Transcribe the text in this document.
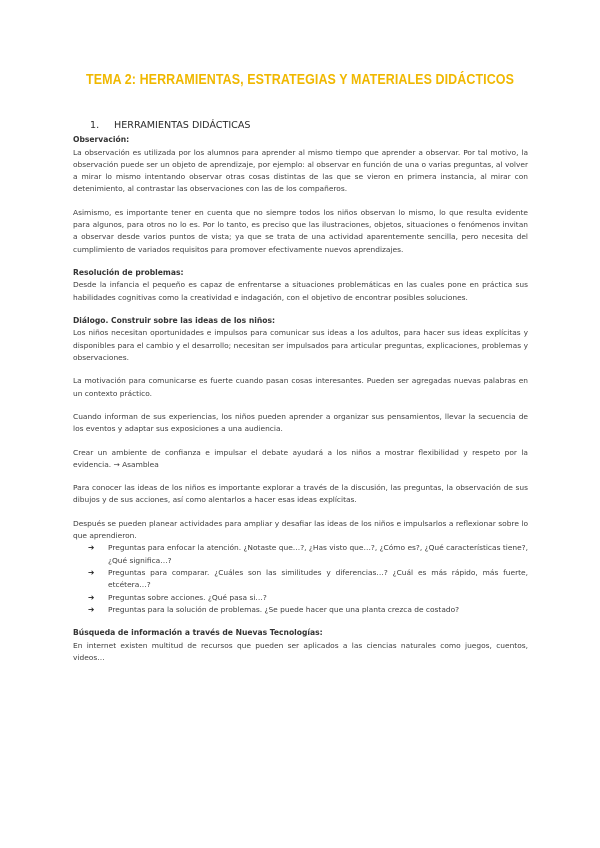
TEMA 2: HERRAMIENTAS, ESTRATEGIAS Y MATERIALES DIDÁCTICOS
1. HERRAMIENTAS DIDÁCTICAS
Observación:

La observación es utilizada por los alumnos para aprender al mismo tiempo que aprender a observar. Por tal motivo, la observación puede ser un objeto de aprendizaje, por ejemplo: al observar en función de una o varias preguntas, al volver a mirar lo mismo intentando observar otras cosas distintas de las que se vieron en primera instancia, al mirar con detenimiento, al contrastar las observaciones con las de los compañeros.

Asimismo, es importante tener en cuenta que no siempre todos los niños observan lo mismo, lo que resulta evidente para algunos, para otros no lo es. Por lo tanto, es preciso que las ilustraciones, objetos, situaciones o fenómenos invitan a observar desde varios puntos de vista; ya que se trata de una actividad aparentemente sencilla, pero necesita del cumplimiento de variados requisitos para promover efectivamente nuevos aprendizajes.

Resolución de problemas:

Desde la infancia el pequeño es capaz de enfrentarse a situaciones problemáticas en las cuales pone en práctica sus habilidades cognitivas como la creatividad e indagación, con el objetivo de encontrar posibles soluciones.

Diálogo. Construir sobre las ideas de los niños:

Los niños necesitan oportunidades e impulsos para comunicar sus ideas a los adultos, para hacer sus ideas explícitas y disponibles para el cambio y el desarrollo; necesitan ser impulsados para articular preguntas, explicaciones, problemas y observaciones.

La motivación para comunicarse es fuerte cuando pasan cosas interesantes. Pueden ser agregadas nuevas palabras en un contexto práctico.

Cuando informan de sus experiencias, los niños pueden aprender a organizar sus pensamientos, llevar la secuencia de los eventos y adaptar sus exposiciones a una audiencia.

Crear un ambiente de confianza e impulsar el debate ayudará a los niños a mostrar flexibilidad y respeto por la evidencia. → Asamblea

Para conocer las ideas de los niños es importante explorar a través de la discusión, las preguntas, la observación de sus dibujos y de sus acciones, así como alentarlos a hacer esas ideas explícitas.

Después se pueden planear actividades para ampliar y desafiar las ideas de los niños e impulsarlos a reflexionar sobre lo que aprendieron.

➔ Preguntas para enfocar la atención. ¿Notaste que…?, ¿Has visto que…?, ¿Cómo es?, ¿Qué características tiene?, ¿Qué significa…?
➔ Preguntas para comparar. ¿Cuáles son las similitudes y diferencias…? ¿Cuál es más rápido, más fuerte, etcétera…?
➔ Preguntas sobre acciones. ¿Qué pasa si…?
➔ Preguntas para la solución de problemas. ¿Se puede hacer que una planta crezca de costado?
Búsqueda de información a través de Nuevas Tecnologías:

En internet existen multitud de recursos que pueden ser aplicados a las ciencias naturales como juegos, cuentos, videos…
